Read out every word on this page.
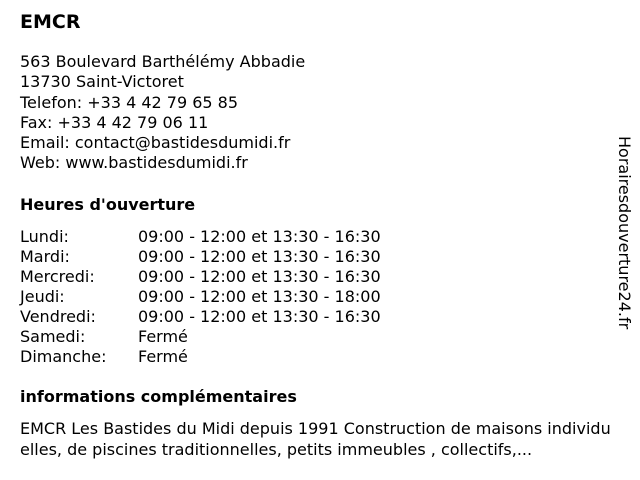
EMCR
563 Boulevard Barthélémy Abbadie
13730 Saint-Victoret
Telefon: +33 4 42 79 65 85
Fax: +33 4 42 79 06 11
Email: contact@bastidesdumidi.fr
Web: www.bastidesdumidi.fr
Heures d'ouverture
Lundi:	09:00 - 12:00 et 13:30 - 16:30
Mardi:	09:00 - 12:00 et 13:30 - 16:30
Mercredi:	09:00 - 12:00 et 13:30 - 16:30
Jeudi:	09:00 - 12:00 et 13:30 - 18:00
Vendredi:	09:00 - 12:00 et 13:30 - 16:30
Samedi:	Fermé
Dimanche: Fermé
informations complémentaires
EMCR Les Bastides du Midi depuis 1991 Construction de maisons individuelles, de piscines traditionnelles, petits immeubles , collectifs,...
Horairesdouverture24.fr
